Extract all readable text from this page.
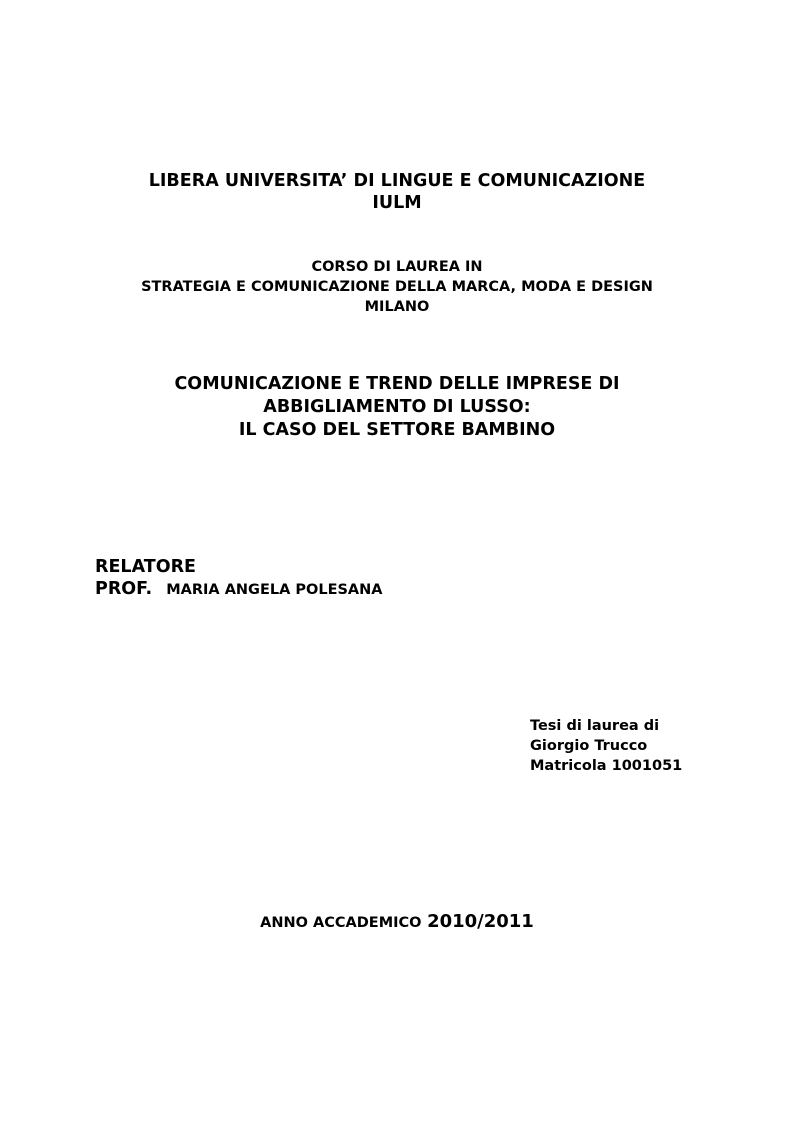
LIBERA UNIVERSITA’ DI LINGUE E COMUNICAZIONE
IULM
CORSO DI LAUREA IN
STRATEGIA E COMUNICAZIONE DELLA MARCA, MODA E DESIGN
MILANO
COMUNICAZIONE E TREND DELLE IMPRESE DI
ABBIGLIAMENTO DI LUSSO:
IL CASO DEL SETTORE BAMBINO
RELATORE
PROF. MARIA ANGELA POLESANA
Tesi di laurea di
Giorgio Trucco
Matricola 1001051
ANNO ACCADEMICO 2010/2011
